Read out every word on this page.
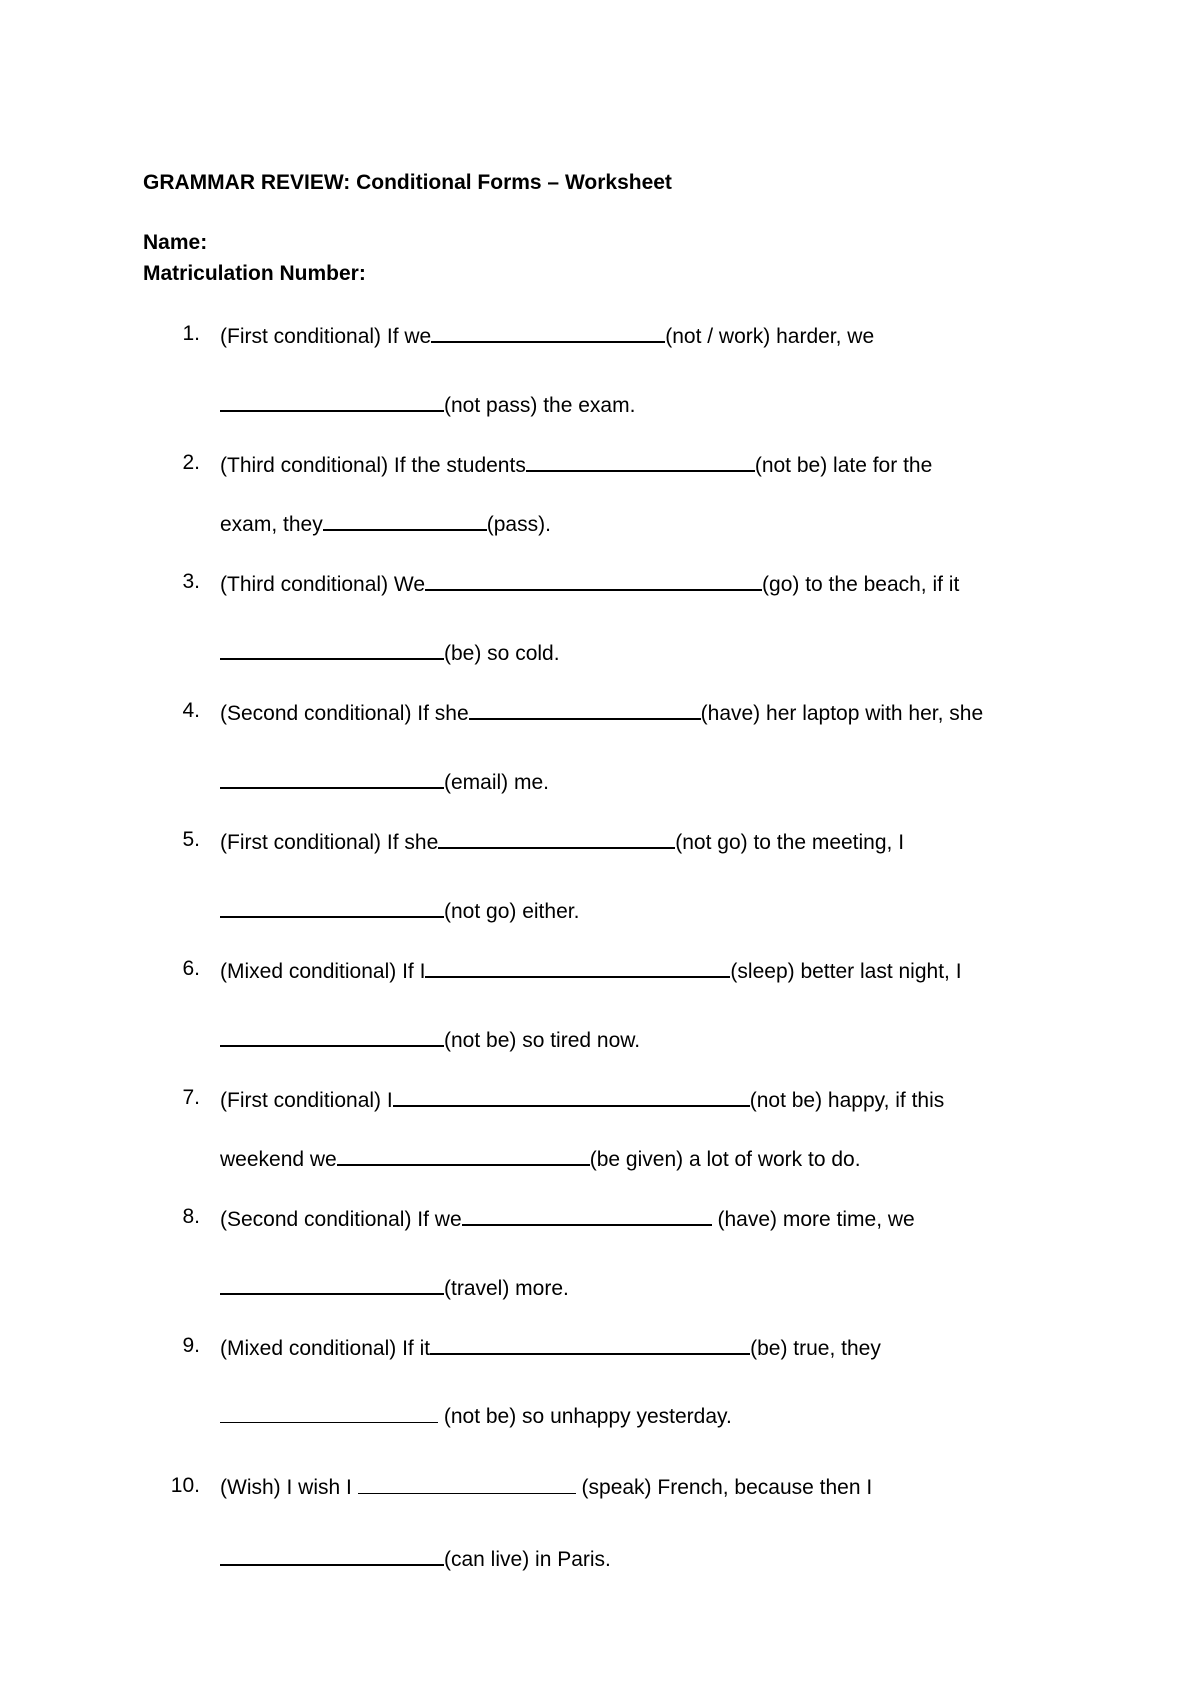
GRAMMAR REVIEW: Conditional Forms – Worksheet
Name:
Matriculation Number:
1. (First conditional) If we	(not / work) harder, we
(not pass) the exam.
2. (Third conditional) If the students	(not be) late for the
exam, they	(pass).
3. (Third conditional) We	(go) to the beach, if it
(be) so cold.
4. (Second conditional) If she	(have) her laptop with her, she
(email) me.
5. (First conditional) If she	(not go) to the meeting, I
(not go) either.
6. (Mixed conditional) If I	(sleep) better last night, I
(not be) so tired now.
7. (First conditional) I	(not be) happy, if this
weekend we	(be given) a lot of work to do.
8. (Second conditional) If we	(have) more time, we
(travel) more.
9. (Mixed conditional) If it	(be) true, they
(not be) so unhappy yesterday.
10. (Wish) I wish I	(speak) French, because then I
(can live) in Paris.
